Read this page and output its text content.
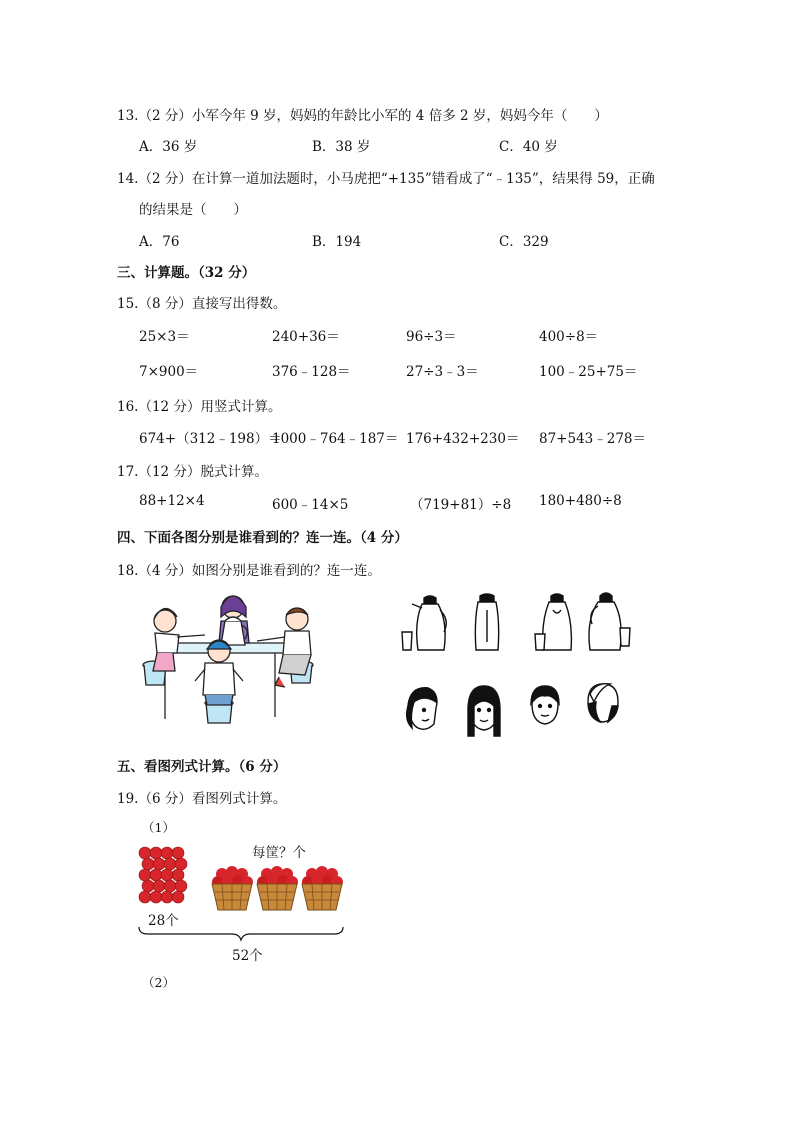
13.（2 分）小军今年 9 岁，妈妈的年龄比小军的 4 倍多 2 岁，妈妈今年（　　）
A．36 岁	B．38 岁	C．40 岁
14.（2 分）在计算一道加法题时，小马虎把“+135”错看成了“﹣135”，结果得 59，正确
的结果是（　　）
A．76	B．194	C．329
三、计算题。（32 分）
15.（8 分）直接写出得数。
25×3＝	240+36＝	96÷3＝	400÷8＝
7×900＝	376﹣128＝	27÷3﹣3＝	100﹣25+75＝
16.（12 分）用竖式计算。
674+（312﹣198）＝
1000﹣764﹣187＝ 176+432+230＝ 87+543﹣278＝
17.（12 分）脱式计算。
88+12×4	600﹣14×5	（719+81）÷8 180+480÷8
四、下面各图分别是谁看到的？连一连。（4 分）
18.（4 分）如图分别是谁看到的？连一连。
五、看图列式计算。（6 分）
19.（6 分）看图列式计算。
（1）
每筐？个
28个
52个
（2）
